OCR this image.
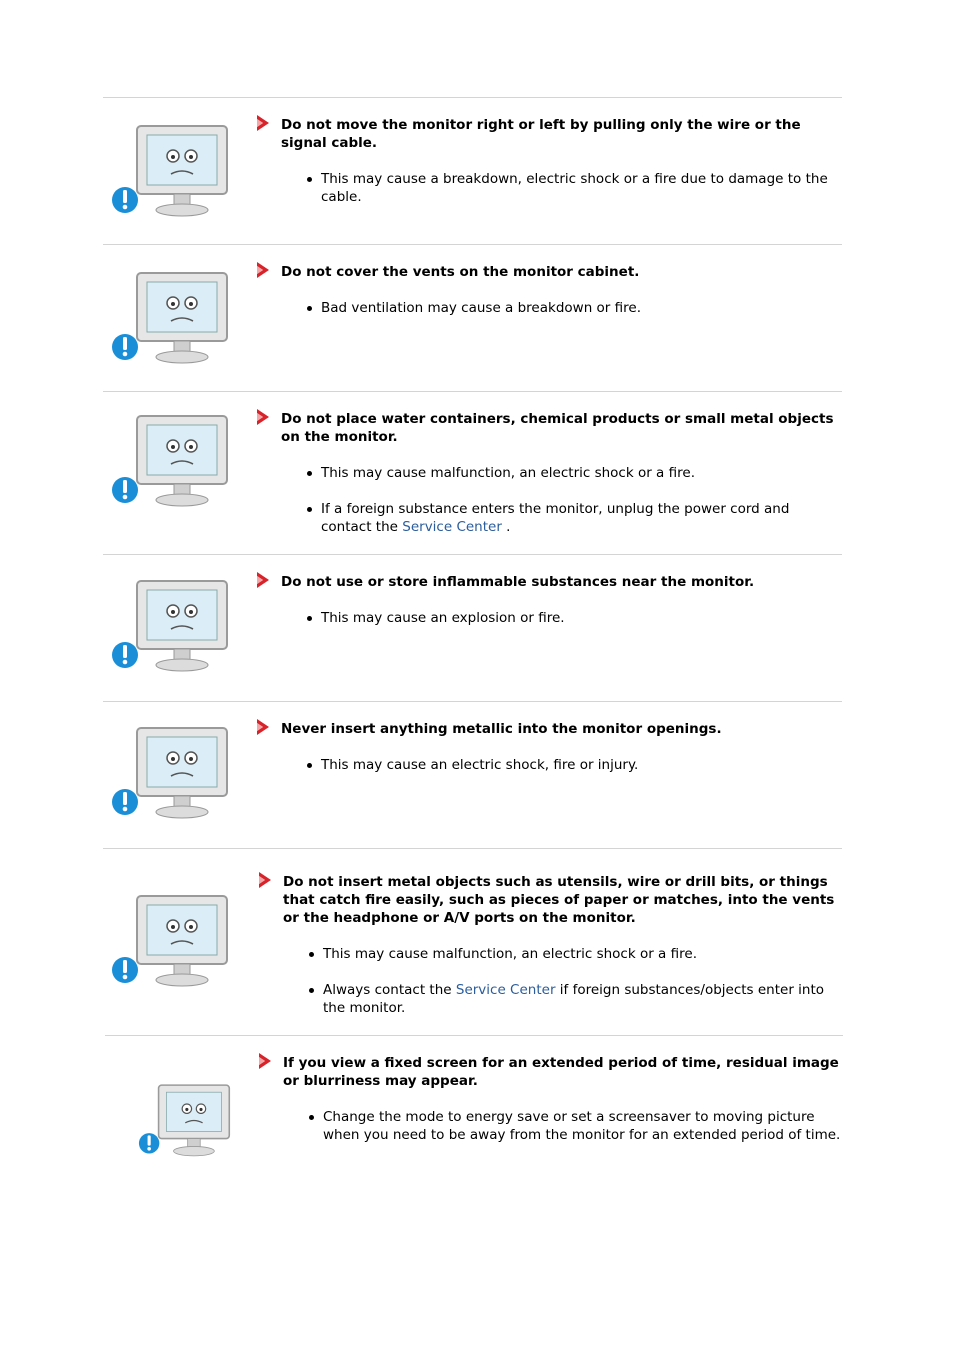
Do not move the monitor right or left by pulling only the wire or the signal cable.

This may cause a breakdown, electric shock or a fire due to damage to the cable.

Do not cover the vents on the monitor cabinet.

Bad ventilation may cause a breakdown or fire.

Do not place water containers, chemical products or small metal objects on the monitor.

This may cause malfunction, an electric shock or a fire.
If a foreign substance enters the monitor, unplug the power cord and contact the Service Center .

Do not use or store inflammable substances near the monitor.

This may cause an explosion or fire.

Never insert anything metallic into the monitor openings.

This may cause an electric shock, fire or injury.

Do not insert metal objects such as utensils, wire or drill bits, or things that catch fire easily, such as pieces of paper or matches, into the vents or the headphone or A/V ports on the monitor.

This may cause malfunction, an electric shock or a fire.
Always contact the Service Center if foreign substances/objects enter into the monitor.

If you view a fixed screen for an extended period of time, residual image or blurriness may appear.

Change the mode to energy save or set a screensaver to moving picture when you need to be away from the monitor for an extended period of time.
